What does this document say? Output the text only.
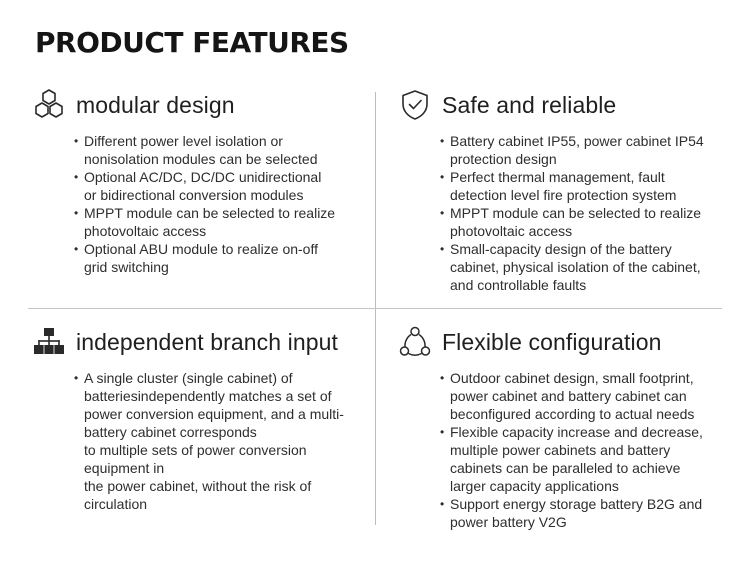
PRODUCT FEATURES
modular design
• Different power level isolation or
nonisolation modules can be selected
• Optional AC/DC, DC/DC unidirectional
or bidirectional conversion modules
• MPPT module can be selected to realize
photovoltaic access
• Optional ABU module to realize on-off
grid switching
Safe and reliable
• Battery cabinet IP55, power cabinet IP54
protection design
• Perfect thermal management, fault
detection level fire protection system
• MPPT module can be selected to realize
photovoltaic access
• Small-capacity design of the battery
cabinet, physical isolation of the cabinet,
and controllable faults
independent branch input
• A single cluster (single cabinet) of
batteriesindependently matches a set of
power conversion equipment, and a multi-
battery cabinet corresponds
to multiple sets of power conversion
equipment in
the power cabinet, without the risk of
circulation
Flexible configuration
• Outdoor cabinet design, small footprint,
power cabinet and battery cabinet can
beconfigured according to actual needs
• Flexible capacity increase and decrease,
multiple power cabinets and battery
cabinets can be paralleled to achieve
larger capacity applications
• Support energy storage battery B2G and
power battery V2G
